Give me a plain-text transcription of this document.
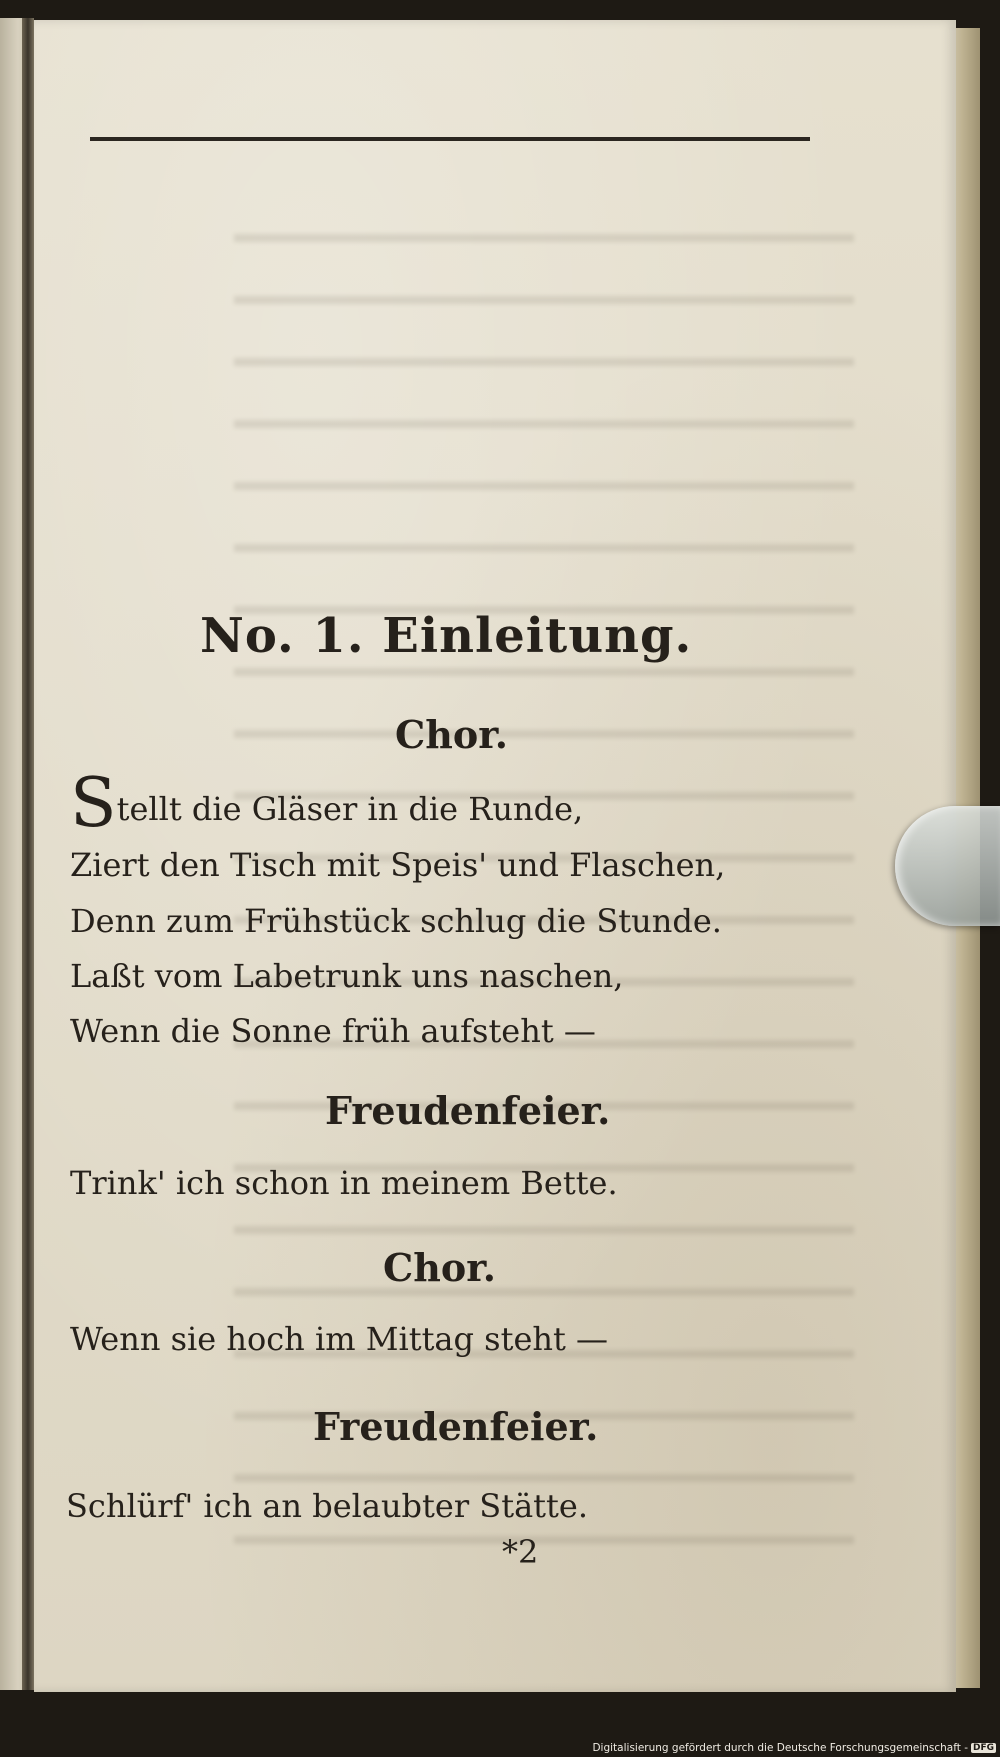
No. 1. Einleitung.
Chor.
Stellt die Gläser in die Runde,
Ziert den Tisch mit Speis' und Flaschen,
Denn zum Frühstück schlug die Stunde.
Laßt vom Labetrunk uns naschen,
Wenn die Sonne früh aufsteht —
Freudenfeier.
Trink' ich schon in meinem Bette.
Chor.
Wenn sie hoch im Mittag steht —
Freudenfeier.
Schlürf' ich an belaubter Stätte.
*2
Digitalisierung gefördert durch die Deutsche Forschungsgemeinschaft - DFG
